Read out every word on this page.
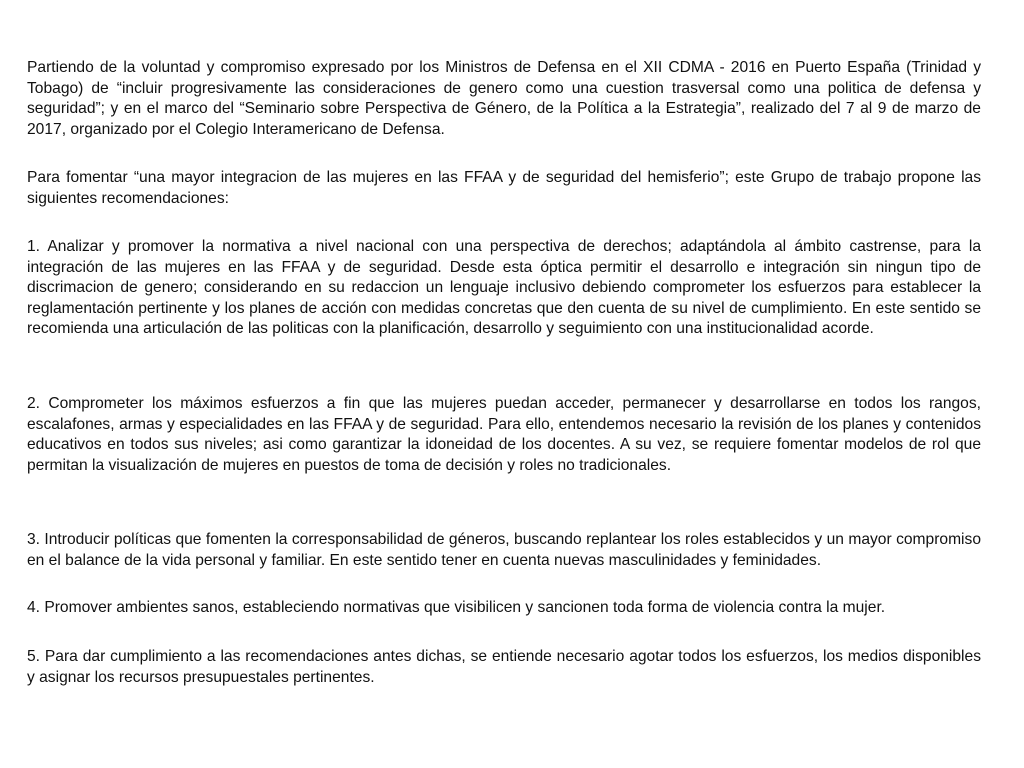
Partiendo de la voluntad y compromiso expresado por los Ministros de Defensa en el XII CDMA - 2016 en Puerto España (Trinidad y Tobago) de “incluir progresivamente las consideraciones de genero como una cuestion trasversal como una politica de defensa y seguridad”; y en el marco del “Seminario sobre Perspectiva de Género, de la Política a la Estrategia”, realizado del 7 al 9 de marzo de 2017, organizado por el Colegio Interamericano de Defensa.

Para fomentar “una mayor integracion de las mujeres en las FFAA y de seguridad del hemisferio”; este Grupo de trabajo propone las siguientes recomendaciones:

1. Analizar y promover la normativa a nivel nacional con una perspectiva de derechos; adaptándola al ámbito castrense, para la integración de las mujeres en las FFAA y de seguridad. Desde esta óptica permitir el desarrollo e integración sin ningun tipo de discrimacion de genero; considerando en su redaccion un lenguaje inclusivo debiendo comprometer los esfuerzos para establecer la reglamentación pertinente y los planes de acción con medidas concretas que den cuenta de su nivel de cumplimiento. En este sentido se recomienda una articulación de las politicas con la planificación, desarrollo y seguimiento con una institucionalidad acorde.

2. Comprometer los máximos esfuerzos a fin que las mujeres puedan acceder, permanecer y desarrollarse en todos los rangos, escalafones, armas y especialidades en las FFAA y de seguridad. Para ello, entendemos necesario la revisión de los planes y contenidos educativos en todos sus niveles; asi como garantizar la idoneidad de los docentes. A su vez, se requiere fomentar modelos de rol que permitan la visualización de mujeres en puestos de toma de decisión y roles no tradicionales.

3. Introducir políticas que fomenten la corresponsabilidad de géneros, buscando replantear los roles establecidos y un mayor compromiso en el balance de la vida personal y familiar. En este sentido tener en cuenta nuevas masculinidades y feminidades.

4. Promover ambientes sanos, estableciendo normativas que visibilicen y sancionen toda forma de violencia contra la mujer.

5. Para dar cumplimiento a las recomendaciones antes dichas, se entiende necesario agotar todos los esfuerzos, los medios disponibles y asignar los recursos presupuestales pertinentes.
